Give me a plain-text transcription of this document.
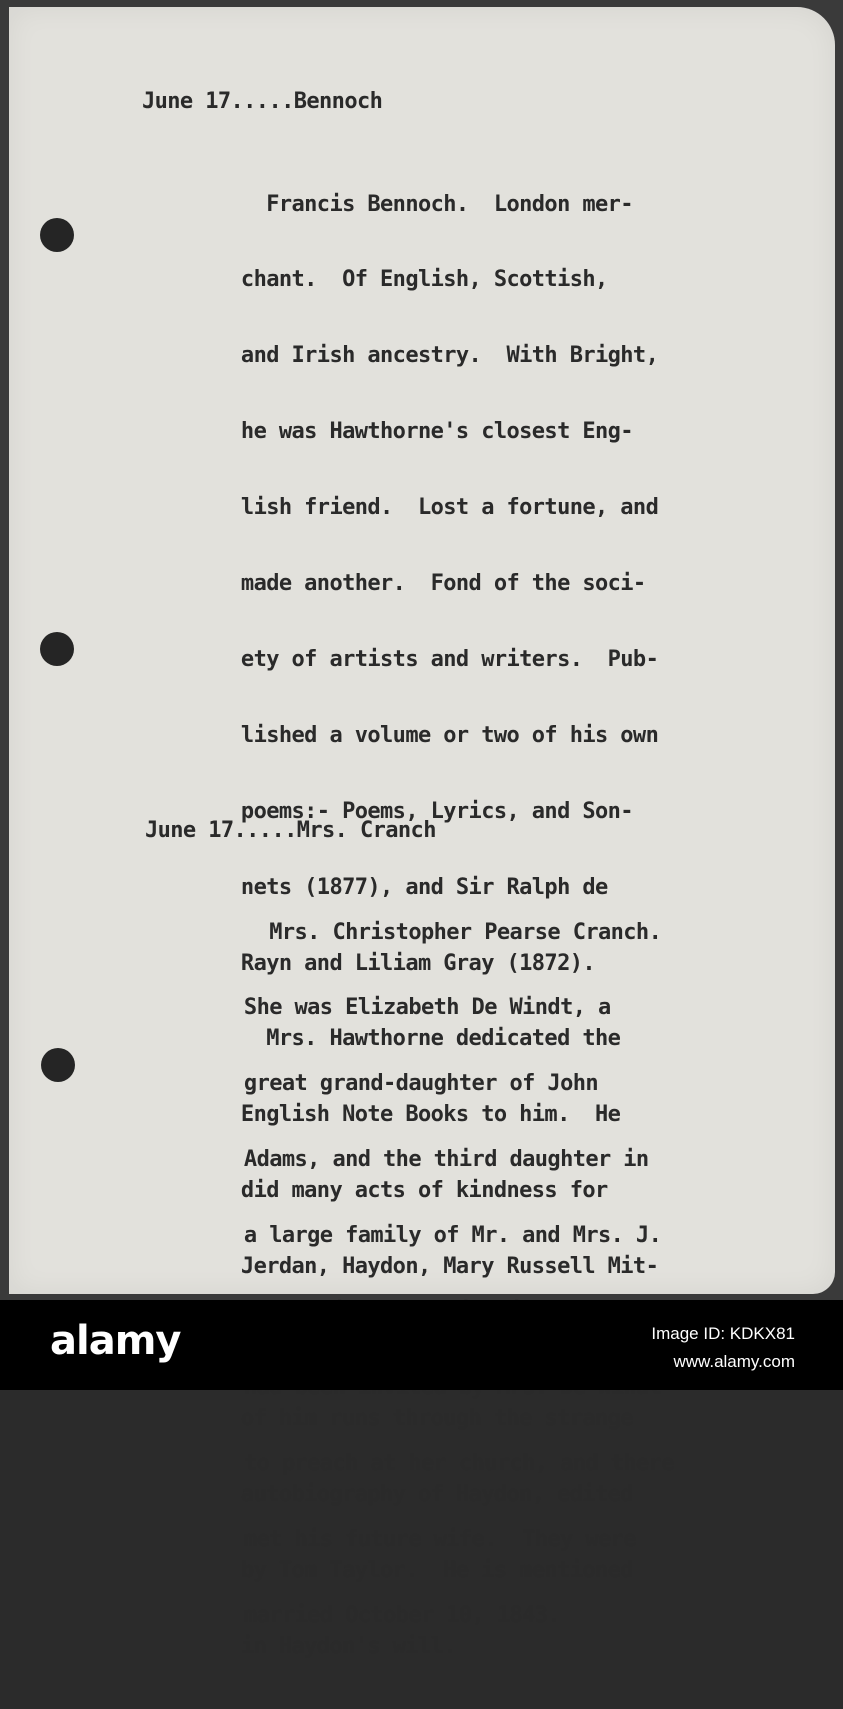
June 17.....Bennoch

Francis Bennoch.  London mer-

chant.  Of English, Scottish,

and Irish ancestry.  With Bright,

he was Hawthorne's closest Eng-

lish friend.  Lost a fortune, and

made another.  Fond of the soci-

ety of artists and writers.  Pub-

lished a volume or two of his own

poems:- Poems, Lyrics, and Son-

nets (1877), and Sir Ralph de

Rayn and Liliam Gray (1872).

Mrs. Hawthorne dedicated the

English Note Books to him.  He

did many acts of kindness for

Jerdan, Haydon, Mary Russell Mit-

of him runs through the strange

autobiography of Haydon, edited

by Tom Taylor.  He is mentioned

in Haydon's will.

June 17.....Mrs. Cranch

Mrs. Christopher Pearse Cranch.

She was Elizabeth De Windt, a

great grand-daughter of John

Adams, and the third daughter in

a large family of Mr. and Mrs. J.

to preach at her church, and there

met his future wife.  They were

married October 10, 1843.

alamy	Image ID: KDKX81
www.alamy.com
